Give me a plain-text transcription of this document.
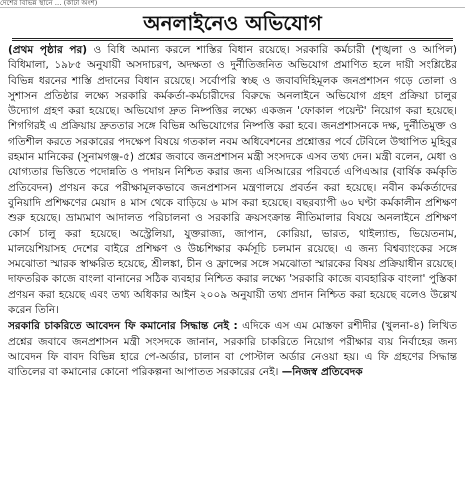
দেশের বিভিন্ন স্থানে ... (কাটা অংশ)
অনলাইনেও অভিযোগ

(প্রথম পৃষ্ঠার পর) ও বিধি অমান্য করলে শাস্তির বিধান রয়েছে। সরকারি কর্মচারী (শৃঙ্খলা ও আপিল) বিধিমালা, ১৯৮৫ অনুযায়ী অসদাচরণ, অদক্ষতা ও দুর্নীতিজনিত অভিযোগ প্রমাণিত হলে দায়ী সংশ্লিষ্টের বিভিন্ন ধরনের শাস্তি প্রদানের বিধান রয়েছে। সর্বোপরি স্বচ্ছ ও জবাবদিহিমূলক জনপ্রশাসন গড়ে তোলা ও সুশাসন প্রতিষ্ঠার লক্ষ্যে সরকারি কর্মকর্তা-কর্মচারীদের বিরুদ্ধে অনলাইনে অভিযোগ গ্রহণ প্রক্রিয়া চালুর উদ্যোগ গ্রহণ করা হয়েছে। অভিযোগ দ্রুত নিষ্পত্তির লক্ষ্যে একজন 'ফোকাল পয়েন্ট' নিয়োগ করা হয়েছে। শিগগিরই এ প্রক্রিয়ায় দ্রুততার সঙ্গে বিভিন্ন অভিযোগের নিষ্পত্তি করা হবে। জনপ্রশাসনকে দক্ষ, দুর্নীতিমুক্ত ও গতিশীল করতে সরকারের পদক্ষেপ বিষয়ে গতকাল নবম অধিবেশনের প্রশ্নোত্তর পর্বে টেবিলে উত্থাপিত মুহিবুর রহমান মানিকের (সুনামগঞ্জ-৫) প্রশ্নের জবাবে জনপ্রশাসন মন্ত্রী সংসদকে এসব তথ্য দেন। মন্ত্রী বলেন, মেধা ও যোগ্যতার ভিত্তিতে পদোন্নতি ও পদায়ন নিশ্চিত করার জন্য এসিআরের পরিবর্তে এপিএআর (বার্ষিক কর্মকৃতি প্রতিবেদন) প্রণয়ন করে পরীক্ষামূলকভাবে জনপ্রশাসন মন্ত্রণালয়ে প্রবর্তন করা হয়েছে। নবীন কর্মকর্তাদের বুনিয়াদি প্রশিক্ষণের মেয়াদ ৪ মাস থেকে বাড়িয়ে ৬ মাস করা হয়েছে। বছরব্যাপী ৬০ ঘণ্টা কর্মকালীন প্রশিক্ষণ শুরু হয়েছে। ভ্রাম্যমাণ আদালত পরিচালনা ও সরকারি ক্রয়সংক্রান্ত নীতিমালার বিষয়ে অনলাইনে প্রশিক্ষণ কোর্স চালু করা হয়েছে। অস্ট্রেলিয়া, যুক্তরাজ্য, জাপান, কোরিয়া, ভারত, থাইল্যান্ড, ভিয়েতনাম, মালয়েশিয়াসহ দেশের বাইরে প্রশিক্ষণ ও উচ্চশিক্ষার কর্মসূচি চলমান রয়েছে। এ জন্য বিশ্বব্যাংকের সঙ্গে সমঝোতা স্মারক স্বাক্ষরিত হয়েছে, শ্রীলঙ্কা, চীন ও ফ্রান্সের সঙ্গে সমঝোতা স্মারকের বিষয় প্রক্রিয়াধীন রয়েছে। দাফতরিক কাজে বাংলা বানানের সঠিক ব্যবহার নিশ্চিত করার লক্ষ্যে 'সরকারি কাজে ব্যবহারিক বাংলা' পুস্তিকা প্রণয়ন করা হয়েছে এবং তথ্য অধিকার আইন ২০০৯ অনুযায়ী তথ্য প্রদান নিশ্চিত করা হয়েছে বলেও উল্লেখ করেন তিনি।

সরকারি চাকরিতে আবেদন ফি কমানোর সিদ্ধান্ত নেই : এদিকে এস এম মোস্তফা রশীদীর (খুলনা-৪) লিখিত প্রশ্নের জবাবে জনপ্রশাসন মন্ত্রী সংসদকে জানান, সরকারি চাকরিতে নিয়োগ পরীক্ষার ব্যয় নির্বাহের জন্য আবেদন ফি বাবদ বিভিন্ন হারে পে-অর্ডার, চালান বা পোস্টাল অর্ডার নেওয়া হয়। এ ফি গ্রহণের সিদ্ধান্ত বাতিলের বা কমানোর কোনো পরিকল্পনা আপাতত সরকারের নেই। —নিজস্ব প্রতিবেদক
